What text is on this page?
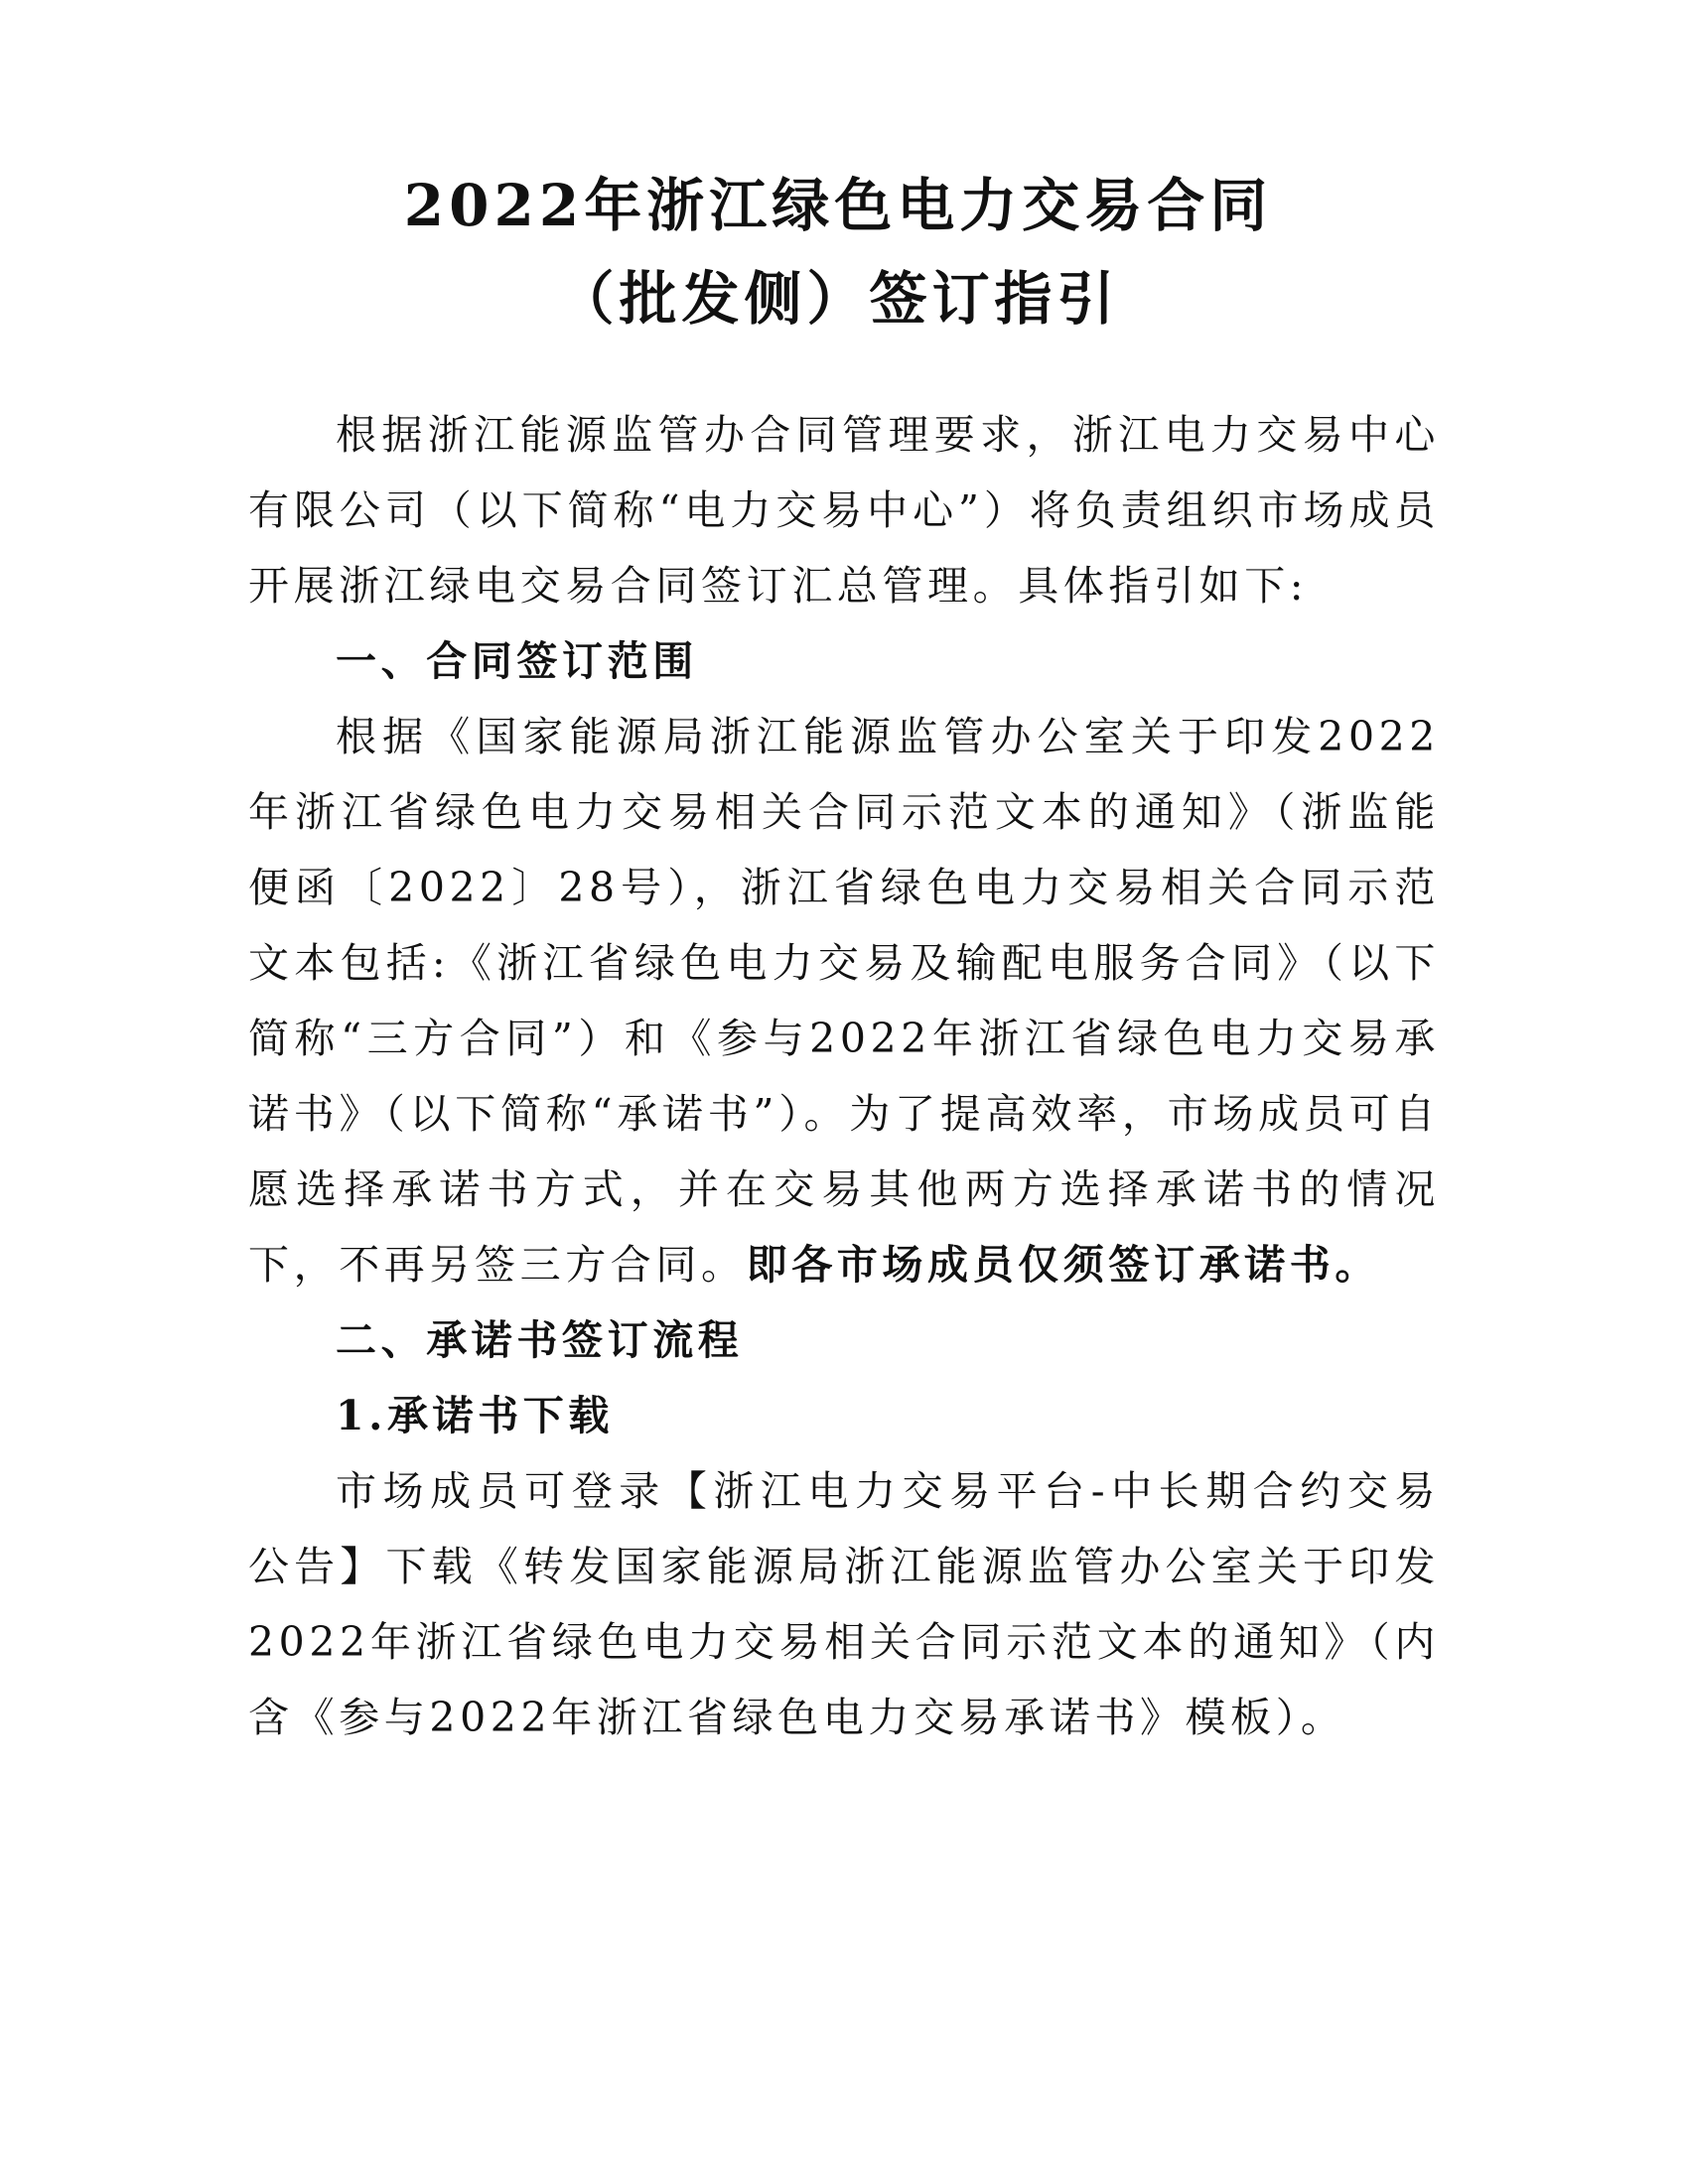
2022年浙江绿色电力交易合同
（批发侧）签订指引

根据浙江能源监管办合同管理要求，浙江电力交易中心有限公司（以下简称“电力交易中心”）将负责组织市场成员开展浙江绿电交易合同签订汇总管理。具体指引如下:

一、合同签订范围

根据《国家能源局浙江能源监管办公室关于印发2022年浙江省绿色电力交易相关合同示范文本的通知》（浙监能便函〔2022〕28号），浙江省绿色电力交易相关合同示范文本包括:《浙江省绿色电力交易及输配电服务合同》（以下简称“三方合同”）和《参与2022年浙江省绿色电力交易承诺书》（以下简称“承诺书”）。为了提高效率，市场成员可自愿选择承诺书方式，并在交易其他两方选择承诺书的情况下，不再另签三方合同。即各市场成员仅须签订承诺书。

二、承诺书签订流程

1.承诺书下载

市场成员可登录【浙江电力交易平台-中长期合约交易公告】下载《转发国家能源局浙江能源监管办公室关于印发2022年浙江省绿色电力交易相关合同示范文本的通知》（内含《参与2022年浙江省绿色电力交易承诺书》模板）。
